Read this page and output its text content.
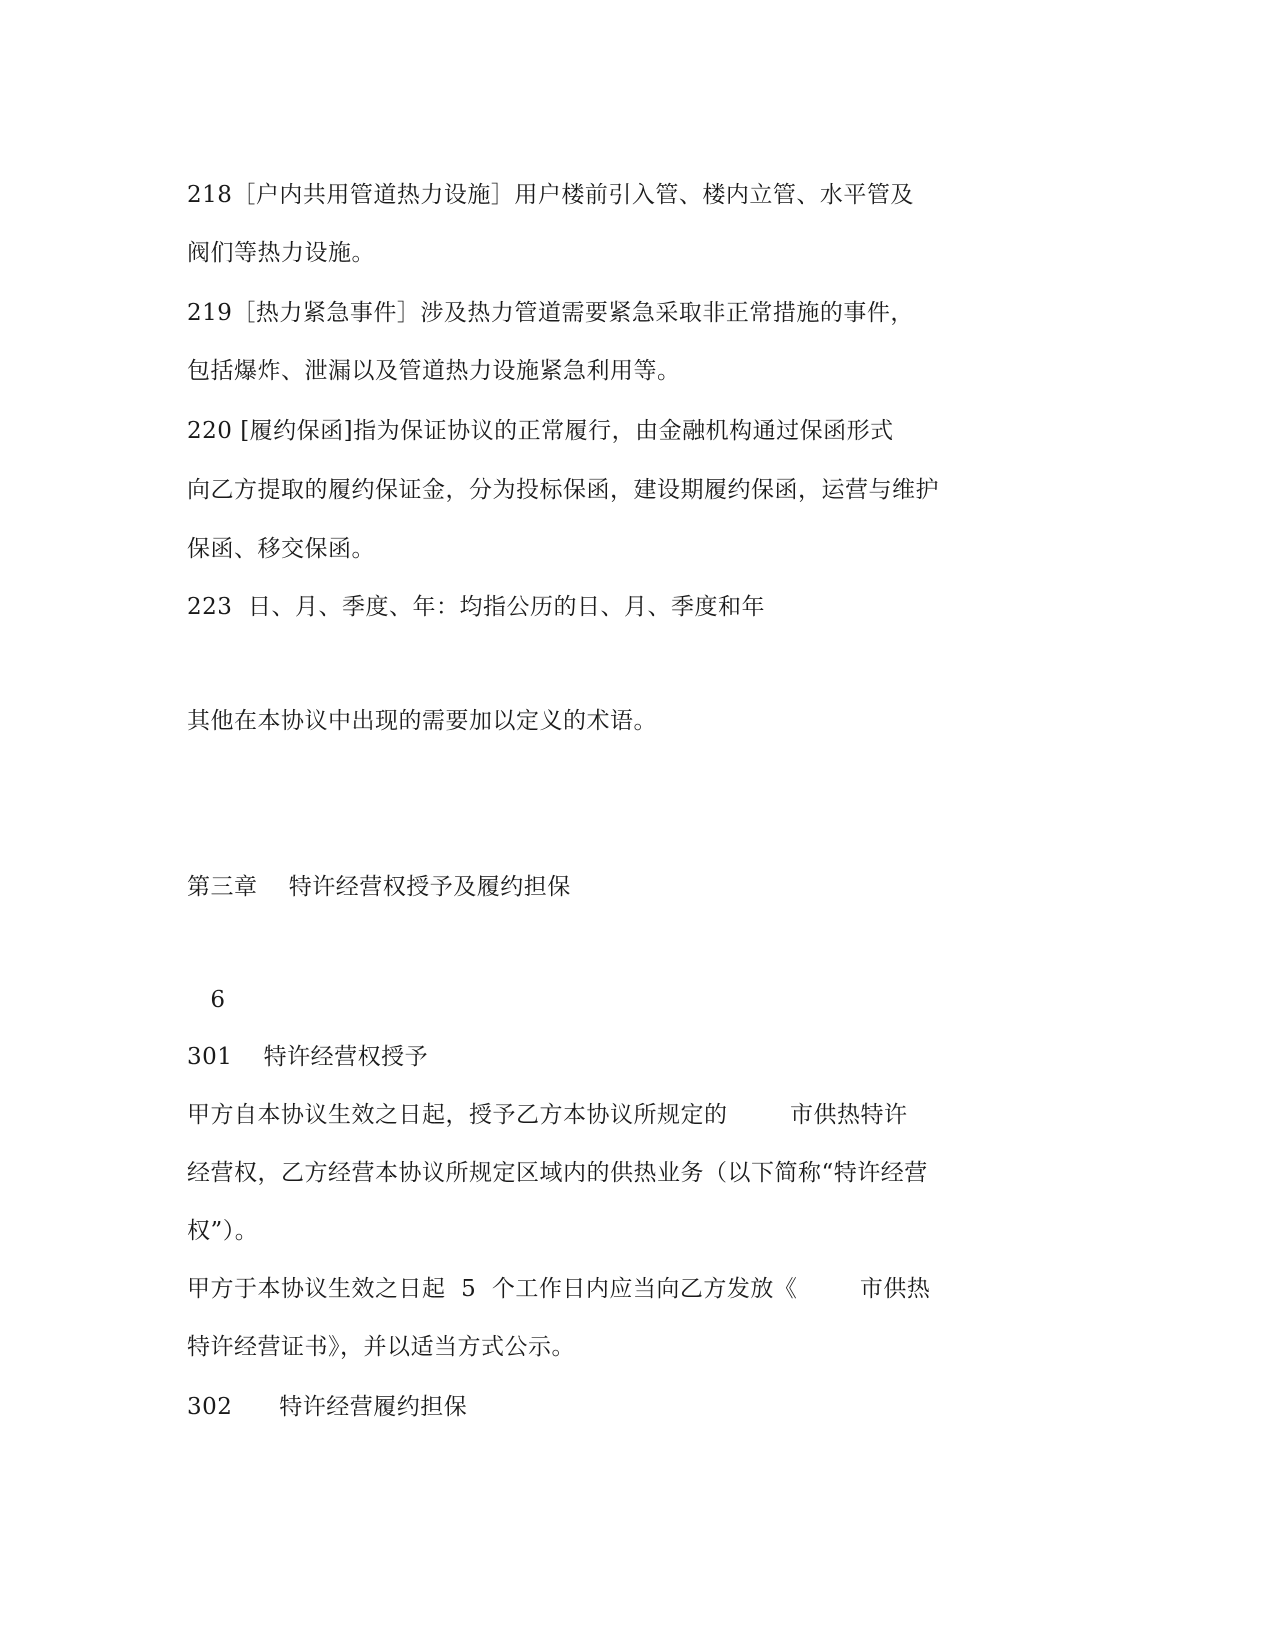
218［户内共用管道热力设施］用户楼前引入管、楼内立管、水平管及
阀们等热力设施。
219［热力紧急事件］涉及热力管道需要紧急采取非正常措施的事件，
包括爆炸、泄漏以及管道热力设施紧急利用等。
220 [履约保函]指为保证协议的正常履行，由金融机构通过保函形式
向乙方提取的履约保证金，分为投标保函，建设期履约保函，运营与维护
保函、移交保函。
223  日、月、季度、年：均指公历的日、月、季度和年
其他在本协议中出现的需要加以定义的术语。
第三章    特许经营权授予及履约担保
6
301    特许经营权授予
甲方自本协议生效之日起，授予乙方本协议所规定的        市供热特许
经营权，乙方经营本协议所规定区域内的供热业务（以下简称“特许经营
权”）。
甲方于本协议生效之日起  5  个工作日内应当向乙方发放《        市供热
特许经营证书》，并以适当方式公示。
302      特许经营履约担保
